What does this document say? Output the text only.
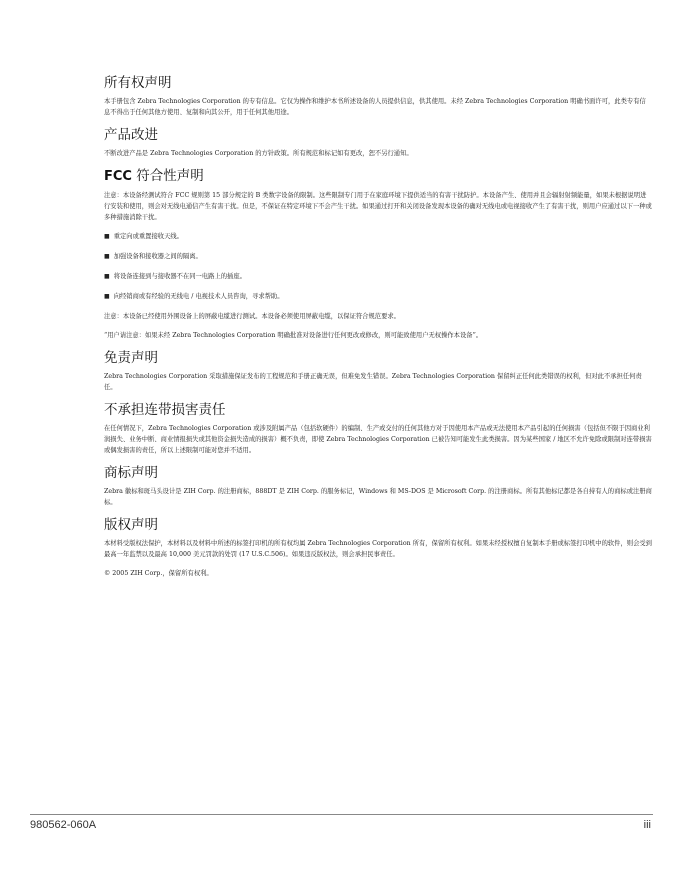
所有权声明

本手册包含 Zebra Technologies Corporation 的专有信息。它仅为操作和维护本书所述设备的人员提供信息，供其使用。未经 Zebra Technologies Corporation 明确书面许可，此类专有信息不得出于任何其他方使用、复制和向其公开，用于任何其他用途。

产品改进

不断改进产品是 Zebra Technologies Corporation 的方针政策。所有规范和标记如有更改，恕不另行通知。

FCC 符合性声明

注意：本设备经测试符合 FCC 规则第 15 部分规定的 B 类数字设备的限制。这些限制专门用于在家庭环境下提供适当的有害干扰防护。本设备产生、使用并且会辐射射频能量，如果未根据说明进行安装和使用，则会对无线电通信产生有害干扰。但是，不保证在特定环境下不会产生干扰。如果通过打开和关闭设备发现本设备的确对无线电或电视接收产生了有害干扰，则用户应通过以下一种或多种措施消除干扰。

■ 重定向或重置接收天线。

■ 加强设备和接收器之间的隔离。

■ 将设备连接到与接收器不在同一电路上的插座。

■ 向经销商或有经验的无线电 / 电视技术人员咨询，寻求帮助。

注意：本设备已经使用外围设备上的屏蔽电缆进行测试。本设备必须使用屏蔽电缆，以保证符合规范要求。

“用户请注意：如果未经 Zebra Technologies Corporation 明确批准对设备进行任何更改或修改，则可能致使用户无权操作本设备”。

免责声明

Zebra Technologies Corporation 采取措施保证发布的工程规范和手册正确无误，但难免发生错误。Zebra Technologies Corporation 保留纠正任何此类错误的权利，但对此不承担任何责任。

不承担连带损害责任

在任何情况下，Zebra Technologies Corporation 或涉及附属产品（包括软硬件）的编制、生产或交付的任何其他方对于因使用本产品或无法使用本产品引起的任何损害（包括但不限于因商业利润损失、业务中断、商业情报损失或其他资金损失造成的损害）概不负责，即使 Zebra Technologies Corporation 已被告知可能发生此类损害。因为某些国家 / 地区不允许免除或限制对连带损害或偶发损害的责任，所以上述限制可能对您并不适用。

商标声明

Zebra 徽标和斑马头设计是 ZIH Corp. 的注册商标，888DT 是 ZIH Corp. 的服务标记，Windows 和 MS-DOS 是 Microsoft Corp. 的注册商标。所有其他标记都是各自持有人的商标或注册商标。

版权声明

本材料受版权法保护，本材料以及材料中所述的标签打印机的所有权均属 Zebra Technologies Corporation 所有，保留所有权利。如果未经授权擅自复制本手册或标签打印机中的软件，则会受到最高一年监禁以及最高 10,000 美元罚款的处罚 (17 U.S.C.506)。如果违反版权法，则会承担民事责任。

© 2005 ZIH Corp.，保留所有权利。

980562-060A	iii
